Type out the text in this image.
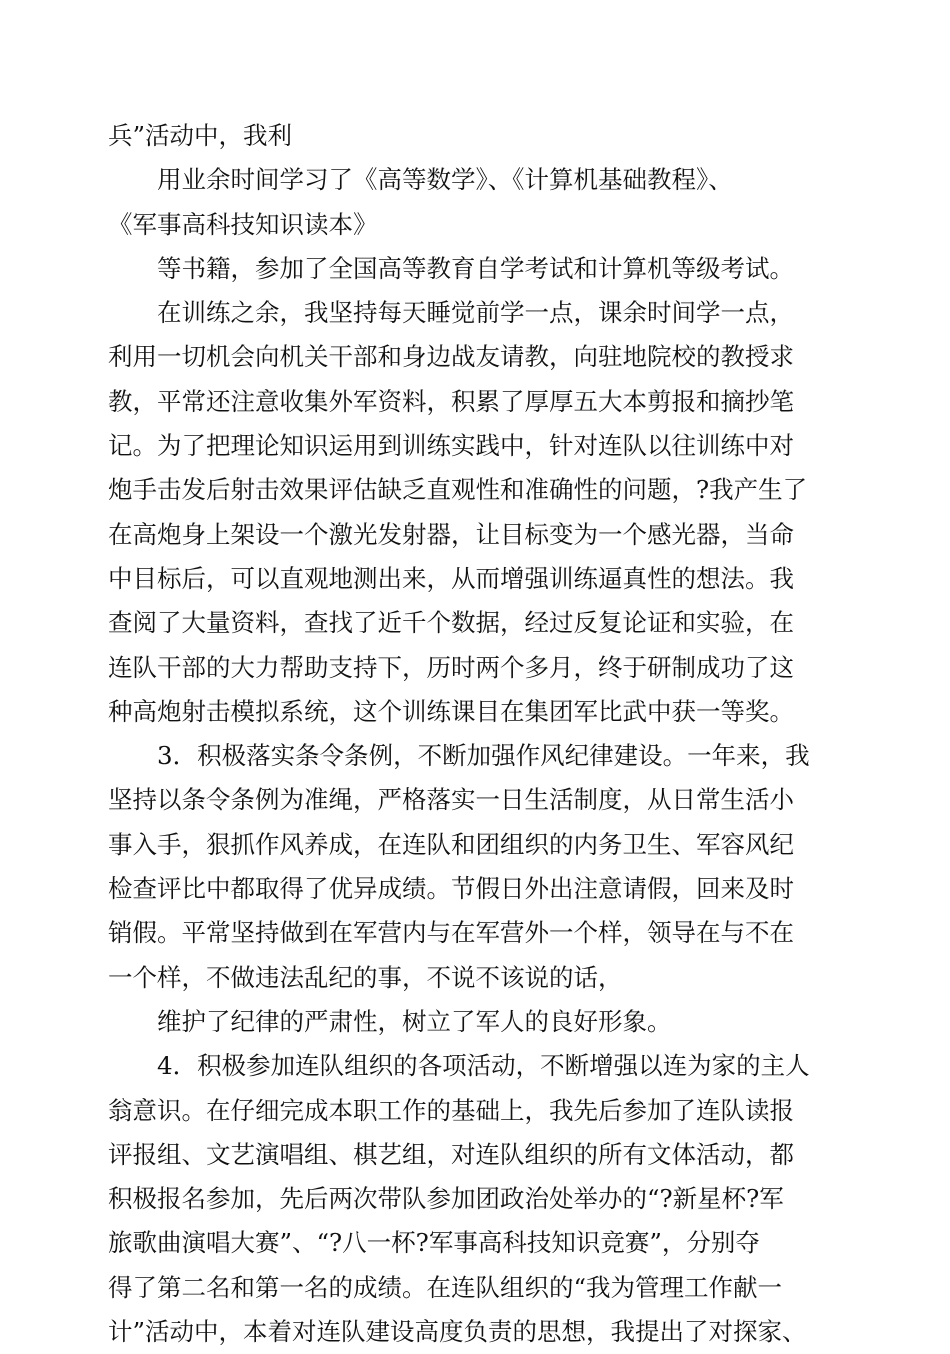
兵”活动中，我利
用业余时间学习了《高等数学》、《计算机基础教程》、
《军事高科技知识读本》
等书籍，参加了全国高等教育自学考试和计算机等级考试。
在训练之余，我坚持每天睡觉前学一点，课余时间学一点，
利用一切机会向机关干部和身边战友请教，向驻地院校的教授求
教，平常还注意收集外军资料，积累了厚厚五大本剪报和摘抄笔
记。为了把理论知识运用到训练实践中，针对连队以往训练中对
炮手击发后射击效果评估缺乏直观性和准确性的问题，?我产生了
在高炮身上架设一个激光发射器，让目标变为一个感光器，当命
中目标后，可以直观地测出来，从而增强训练逼真性的想法。我
查阅了大量资料，查找了近千个数据，经过反复论证和实验，在
连队干部的大力帮助支持下，历时两个多月，终于研制成功了这
种高炮射击模拟系统，这个训练课目在集团军比武中获一等奖。
3．积极落实条令条例，不断加强作风纪律建设。一年来，我
坚持以条令条例为准绳，严格落实一日生活制度，从日常生活小
事入手，狠抓作风养成，在连队和团组织的内务卫生、军容风纪
检查评比中都取得了优异成绩。节假日外出注意请假，回来及时
销假。平常坚持做到在军营内与在军营外一个样，领导在与不在
一个样，不做违法乱纪的事，不说不该说的话，
维护了纪律的严肃性，树立了军人的良好形象。
4．积极参加连队组织的各项活动，不断增强以连为家的主人
翁意识。在仔细完成本职工作的基础上，我先后参加了连队读报
评报组、文艺演唱组、棋艺组，对连队组织的所有文体活动，都
积极报名参加，先后两次带队参加团政治处举办的“?新星杯?军
旅歌曲演唱大赛”、“?八一杯?军事高科技知识竞赛”，分别夺
得了第二名和第一名的成绩。在连队组织的“我为管理工作献一
计”活动中，本着对连队建设高度负责的思想，我提出了对探家、
